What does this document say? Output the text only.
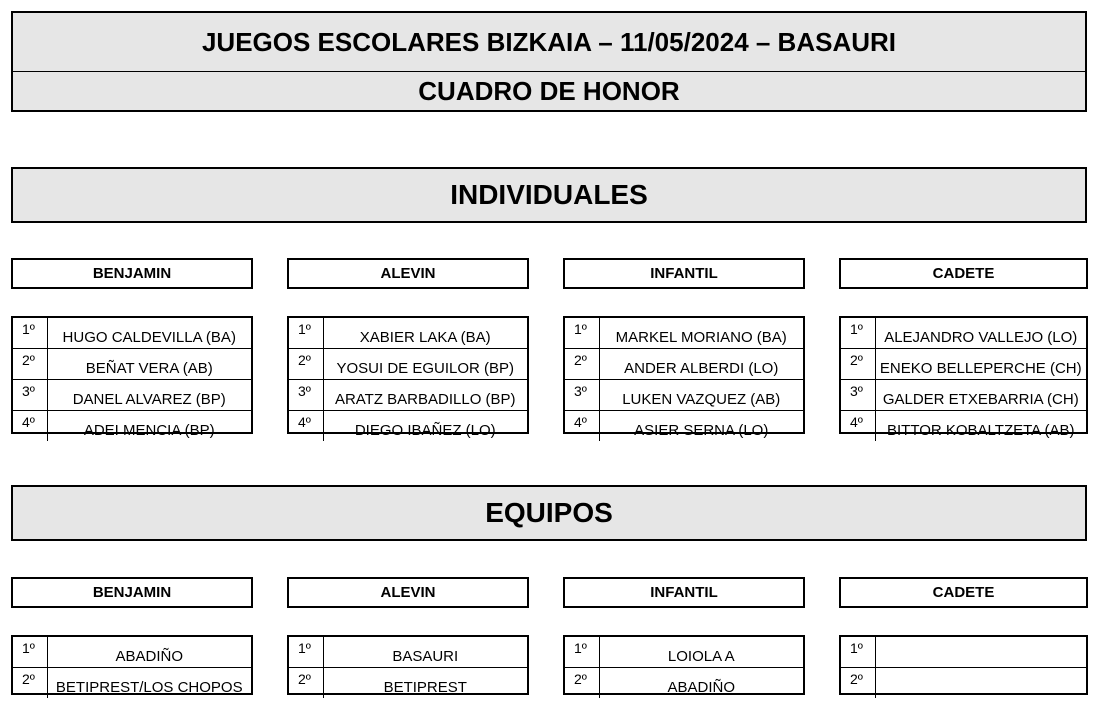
JUEGOS ESCOLARES BIZKAIA – 11/05/2024 – BASAURI
CUADRO DE HONOR
INDIVIDUALES
BENJAMIN	ALEVIN	INFANTIL	CADETE
1º	HUGO CALDEVILLA (BA)
2º	BEÑAT VERA (AB)
3º	DANEL ALVAREZ (BP)
4º	ADEI MENCIA (BP)
1º	XABIER LAKA (BA)
2º	YOSUI DE EGUILOR (BP)
3º	ARATZ BARBADILLO (BP)
4º	DIEGO IBAÑEZ (LO)
1º	MARKEL MORIANO (BA)
2º	ANDER ALBERDI (LO)
3º	LUKEN VAZQUEZ (AB)
4º	ASIER SERNA (LO)
1º	ALEJANDRO VALLEJO (LO)
2º	ENEKO BELLEPERCHE (CH)
3º	GALDER ETXEBARRIA (CH)
4º	BITTOR KOBALTZETA (AB)
EQUIPOS
BENJAMIN	ALEVIN	INFANTIL	CADETE
1º	ABADIÑO
2º	BETIPREST/LOS CHOPOS
1º	BASAURI
2º	BETIPREST
1º	LOIOLA A
2º	ABADIÑO
1º	
2º	
